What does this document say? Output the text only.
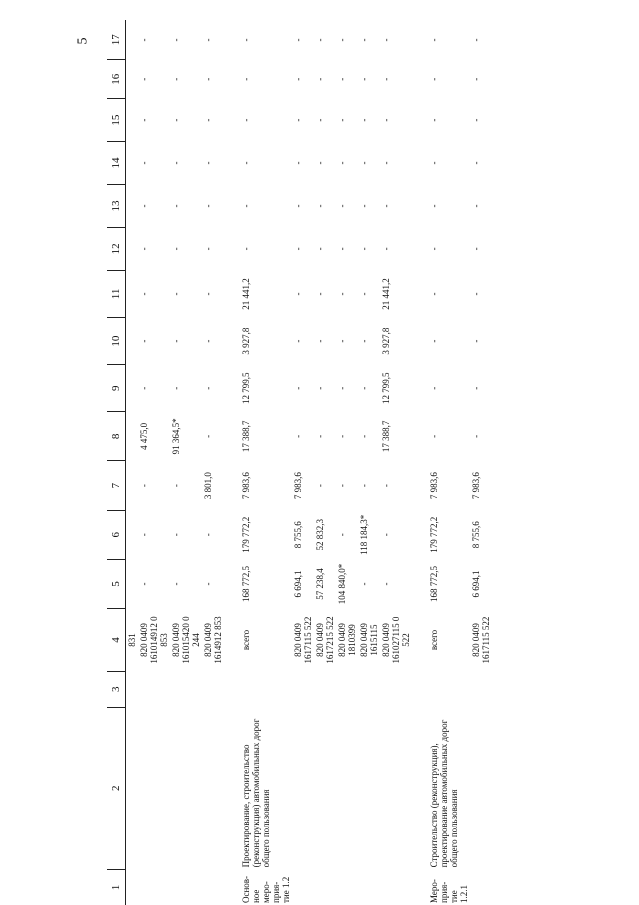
5
1	2	3	4	5	6	7	8	9	10	11	12	13	14	15	16	17
			831													
			820 0409 161014912 0 853	-	-	-	4 475,0	-	-	-	-	-	-	-	-	-
			820 0409 161015420 0 244	-	-	-	91 364,5*	-	-	-	-	-	-	-	-	-
			820 0409 1614912 853	-	-	3 801,0	-	-	-	-	-	-	-	-	-	-

Основ-ное меро-прия-тие 1.2	Проектирование, строительство (реконструкция) автомобильных дорог общего пользования		всего	168 772,5	179 772,2	7 983,6	17 388,7	12 799,5	3 927,8	21 441,2	-	-	-	-	-	-
			820 0409 1617115 522	6 694,1	8 755,6	7 983,6	-	-	-	-	-	-	-	-	-	-
			820 0409 1617215 522	57 238,4	52 832,3	-	-	-	-	-	-	-	-	-	-	-
			820 0409 1810399	104 840,0*	-	-	-	-	-	-	-	-	-	-	-	-
			820 0409 1615115	-	118 184,3*	-	-	-	-	-	-	-	-	-	-	-
			820 0409 161027115 0 522	-	-	-	17 388,7	12 799,5	3 927,8	21 441,2	-	-	-	-	-	-

Меро-прия-тие 1.2.1	Строительство (реконструкция), проектирование автомобильных дорог общего пользования		всего	168 772,5	179 772,2	7 983,6	-	-	-	-	-	-	-	-	-	-
			820 0409 1617115 522	6 694,1	8 755,6	7 983,6	-	-	-	-	-	-	-	-	-	-
